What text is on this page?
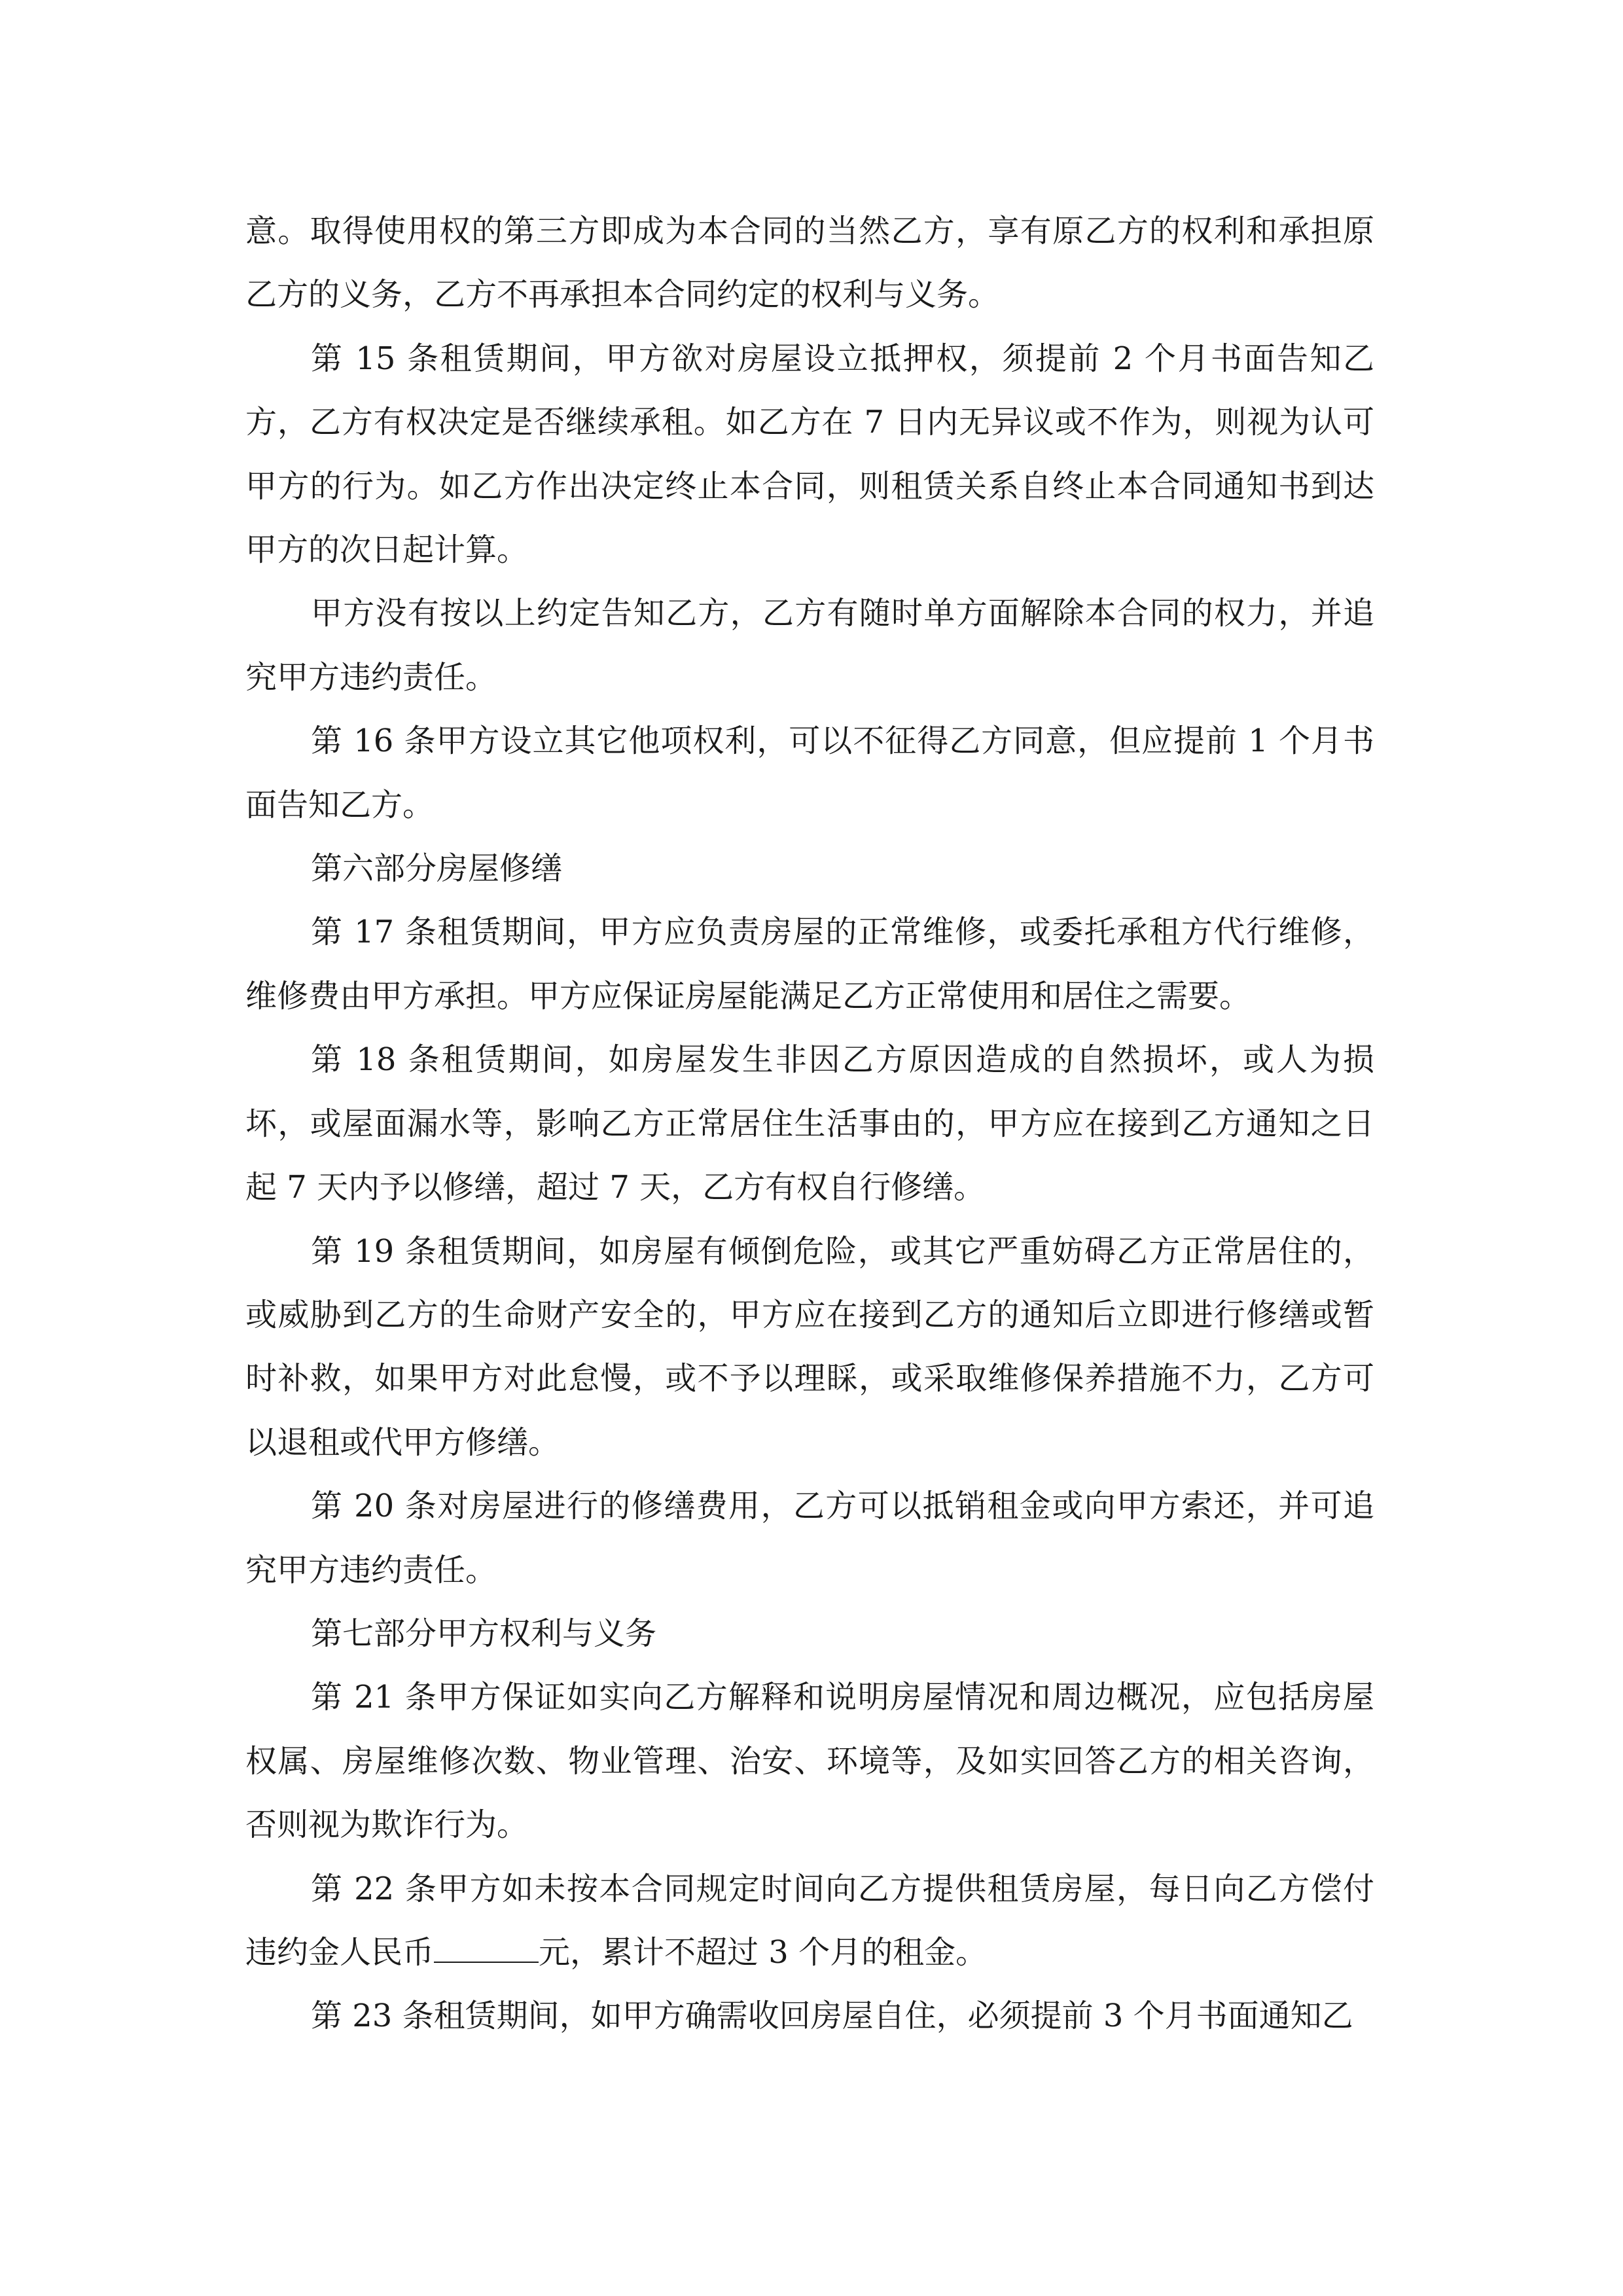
意。取得使用权的第三方即成为本合同的当然乙方，享有原乙方的权利和承担原乙方的义务，乙方不再承担本合同约定的权利与义务。

第 15 条租赁期间，甲方欲对房屋设立抵押权，须提前 2 个月书面告知乙方，乙方有权决定是否继续承租。如乙方在 7 日内无异议或不作为，则视为认可甲方的行为。如乙方作出决定终止本合同，则租赁关系自终止本合同通知书到达甲方的次日起计算。

甲方没有按以上约定告知乙方，乙方有随时单方面解除本合同的权力，并追究甲方违约责任。

第 16 条甲方设立其它他项权利，可以不征得乙方同意，但应提前 1 个月书面告知乙方。

第六部分房屋修缮

第 17 条租赁期间，甲方应负责房屋的正常维修，或委托承租方代行维修，维修费由甲方承担。甲方应保证房屋能满足乙方正常使用和居住之需要。

第 18 条租赁期间，如房屋发生非因乙方原因造成的自然损坏，或人为损坏，或屋面漏水等，影响乙方正常居住生活事由的，甲方应在接到乙方通知之日起 7 天内予以修缮，超过 7 天，乙方有权自行修缮。

第 19 条租赁期间，如房屋有倾倒危险，或其它严重妨碍乙方正常居住的，或威胁到乙方的生命财产安全的，甲方应在接到乙方的通知后立即进行修缮或暂时补救，如果甲方对此怠慢，或不予以理睬，或采取维修保养措施不力，乙方可以退租或代甲方修缮。

第 20 条对房屋进行的修缮费用，乙方可以抵销租金或向甲方索还，并可追究甲方违约责任。

第七部分甲方权利与义务

第 21 条甲方保证如实向乙方解释和说明房屋情况和周边概况，应包括房屋权属、房屋维修次数、物业管理、治安、环境等，及如实回答乙方的相关咨询，否则视为欺诈行为。

第 22 条甲方如未按本合同规定时间向乙方提供租赁房屋，每日向乙方偿付违约金人民币	元，累计不超过 3 个月的租金。

第 23 条租赁期间，如甲方确需收回房屋自住，必须提前 3 个月书面通知乙
